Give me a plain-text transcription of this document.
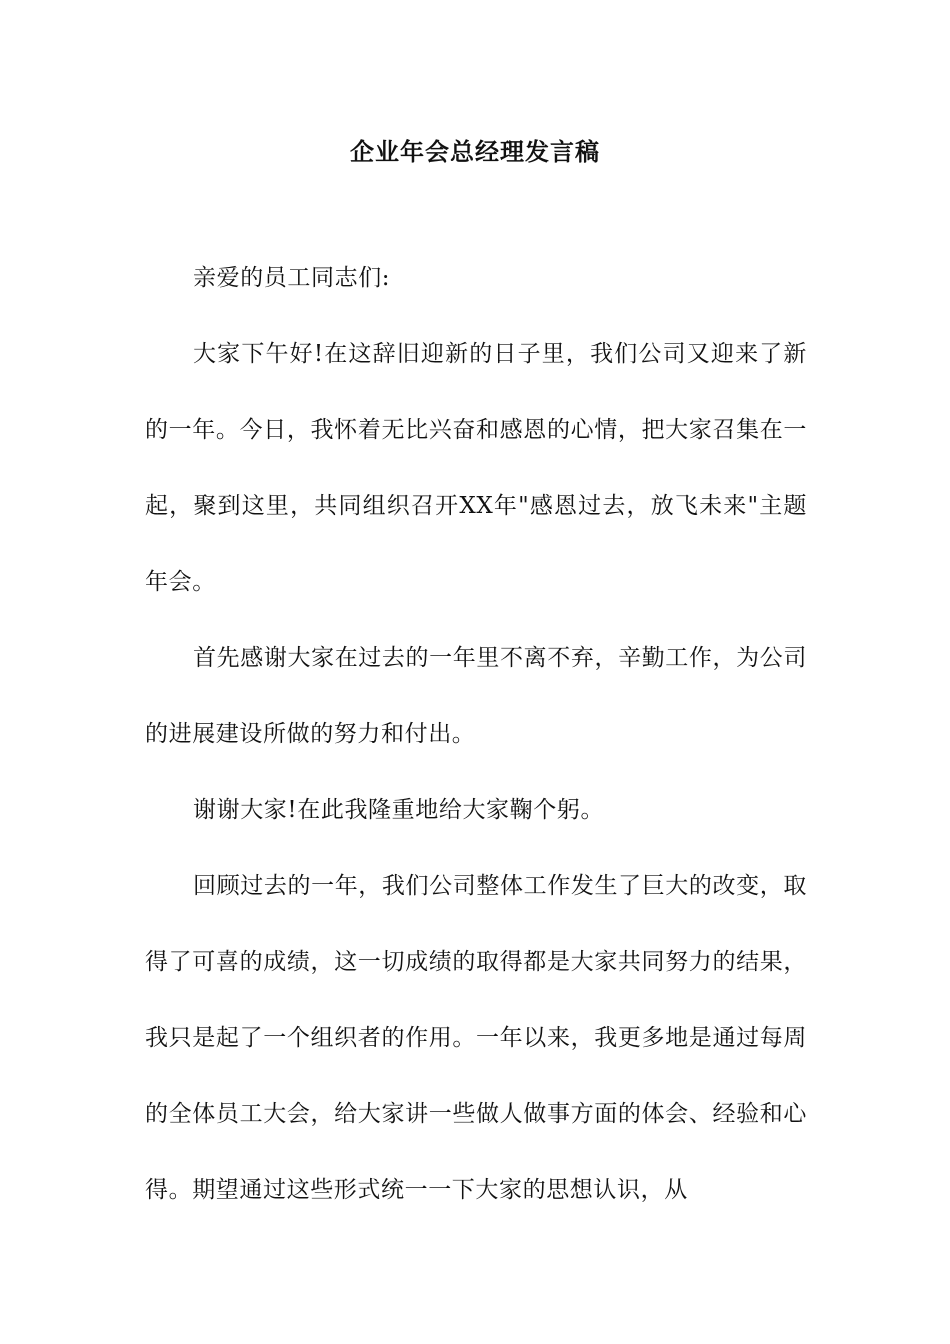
企业年会总经理发言稿

亲爱的员工同志们:

大家下午好!在这辞旧迎新的日子里，我们公司又迎来了新的一年。今日，我怀着无比兴奋和感恩的心情，把大家召集在一起，聚到这里，共同组织召开XX年"感恩过去，放飞未来"主题年会。

首先感谢大家在过去的一年里不离不弃，辛勤工作，为公司的进展建设所做的努力和付出。

谢谢大家!在此我隆重地给大家鞠个躬。

回顾过去的一年，我们公司整体工作发生了巨大的改变，取得了可喜的成绩，这一切成绩的取得都是大家共同努力的结果，我只是起了一个组织者的作用。一年以来，我更多地是通过每周的全体员工大会，给大家讲一些做人做事方面的体会、经验和心得。期望通过这些形式统一一下大家的思想认识，从
